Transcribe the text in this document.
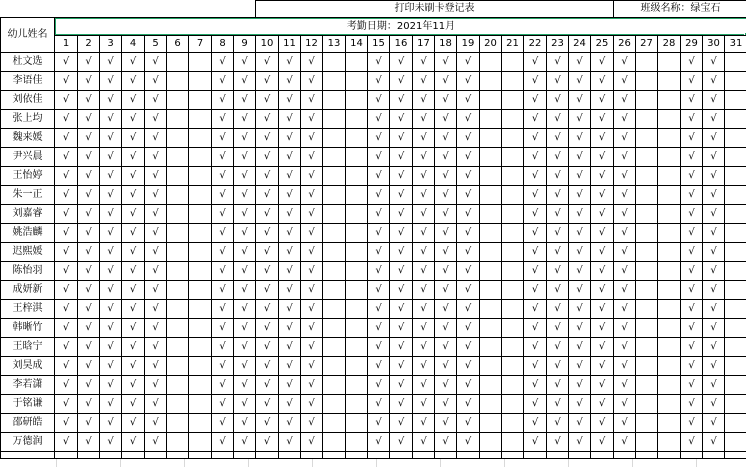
										打印未刷卡登记表																班级名称：绿宝石					
幼儿姓名	考勤日期：2021年11月																														

	1	2	3	4	5	6	7	8	9	10	11	12	13	14	15	16	17	18	19	20	21	22	23	24	25	26	27	28	29	30	31
杜文选	√	√	√	√	√			√	√	√	√	√			√	√	√	√	√			√	√	√	√	√			√	√	
李语佳	√	√	√	√	√			√	√	√	√	√			√	√	√	√	√			√	√	√	√	√			√	√	
刘依佳	√	√	√	√	√			√	√	√	√	√			√	√	√	√	√			√	√	√	√	√			√	√	
张上均	√	√	√	√	√			√	√	√	√	√			√	√	√	√	√			√	√	√	√	√			√	√	
魏来媛	√	√	√	√	√			√	√	√	√	√			√	√	√	√	√			√	√	√	√	√			√	√	
尹兴晨	√	√	√	√	√			√	√	√	√	√			√	√	√	√	√			√	√	√	√	√			√	√	
王怡婷	√	√	√	√	√			√	√	√	√	√			√	√	√	√	√			√	√	√	√	√			√	√	
朱一正	√	√	√	√	√			√	√	√	√	√			√	√	√	√	√			√	√	√	√	√			√	√	
刘嘉睿	√	√	√	√	√			√	√	√	√	√			√	√	√	√	√			√	√	√	√	√			√	√	
姚浩麟	√	√	√	√	√			√	√	√	√	√			√	√	√	√	√			√	√	√	√	√			√	√	
迟熙媛	√	√	√	√	√			√	√	√	√	√			√	√	√	√	√			√	√	√	√	√			√	√	
陈怡羽	√	√	√	√	√			√	√	√	√	√			√	√	√	√	√			√	√	√	√	√			√	√	
成妍新	√	√	√	√	√			√	√	√	√	√			√	√	√	√	√			√	√	√	√	√			√	√	
王梓淇	√	√	√	√	√			√	√	√	√	√			√	√	√	√	√			√	√	√	√	√			√	√	
韩晰竹	√	√	√	√	√			√	√	√	√	√			√	√	√	√	√			√	√	√	√	√			√	√	
王晗宁	√	√	√	√	√			√	√	√	√	√			√	√	√	√	√			√	√	√	√	√			√	√	
刘昊成	√	√	√	√	√			√	√	√	√	√			√	√	√	√	√			√	√	√	√	√			√	√	
李若潇	√	√	√	√	√			√	√	√	√	√			√	√	√	√	√			√	√	√	√	√			√	√	
于铭谦	√	√	√	√	√			√	√	√	√	√			√	√	√	√	√			√	√	√	√	√			√	√	
邵研皓	√	√	√	√	√			√	√	√	√	√			√	√	√	√	√			√	√	√	√	√			√	√	
万德润	√	√	√	√	√			√	√	√	√	√			√	√	√	√	√			√	√	√	√	√			√	√	
